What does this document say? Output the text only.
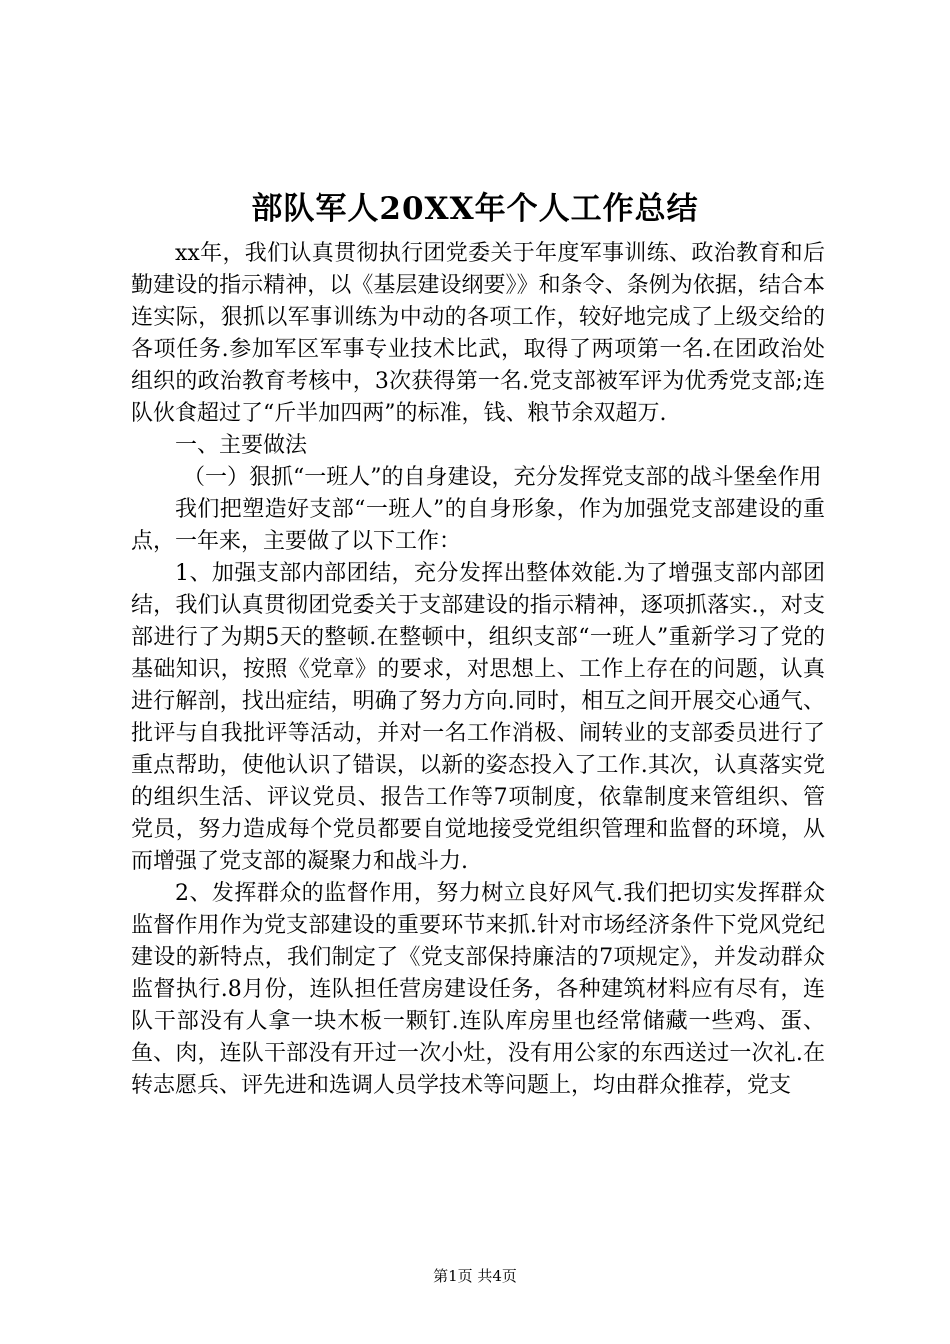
部队军人20XX年个人工作总结

xx年，我们认真贯彻执行团党委关于年度军事训练、政治教育和后勤建设的指示精神，以《基层建设纲要》》和条令、条例为依据，结合本连实际，狠抓以军事训练为中动的各项工作，较好地完成了上级交给的各项任务.参加军区军事专业技术比武，取得了两项第一名.在团政治处组织的政治教育考核中，3次获得第一名.党支部被军评为优秀党支部;连队伙食超过了“斤半加四两”的标准，钱、粮节余双超万.

一、主要做法

（一）狠抓“一班人”的自身建设，充分发挥党支部的战斗堡垒作用

我们把塑造好支部“一班人”的自身形象，作为加强党支部建设的重点，一年来，主要做了以下工作：

1、加强支部内部团结，充分发挥出整体效能.为了增强支部内部团结，我们认真贯彻团党委关于支部建设的指示精神，逐项抓落实.，对支部进行了为期5天的整顿.在整顿中，组织支部“一班人”重新学习了党的基础知识，按照《党章》的要求，对思想上、工作上存在的问题，认真进行解剖，找出症结，明确了努力方向.同时，相互之间开展交心通气、批评与自我批评等活动，并对一名工作消极、闹转业的支部委员进行了重点帮助，使他认识了错误，以新的姿态投入了工作.其次，认真落实党的组织生活、评议党员、报告工作等7项制度，依靠制度来管组织、管党员，努力造成每个党员都要自觉地接受党组织管理和监督的环境，从而增强了党支部的凝聚力和战斗力.

2、发挥群众的监督作用，努力树立良好风气.我们把切实发挥群众监督作用作为党支部建设的重要环节来抓.针对市场经济条件下党风党纪建设的新特点，我们制定了《党支部保持廉洁的7项规定》，并发动群众监督执行.8月份，连队担任营房建设任务，各种建筑材料应有尽有，连队干部没有人拿一块木板一颗钉.连队库房里也经常储藏一些鸡、蛋、鱼、肉，连队干部没有开过一次小灶，没有用公家的东西送过一次礼.在转志愿兵、评先进和选调人员学技术等问题上，均由群众推荐，党支

第1页 共4页
